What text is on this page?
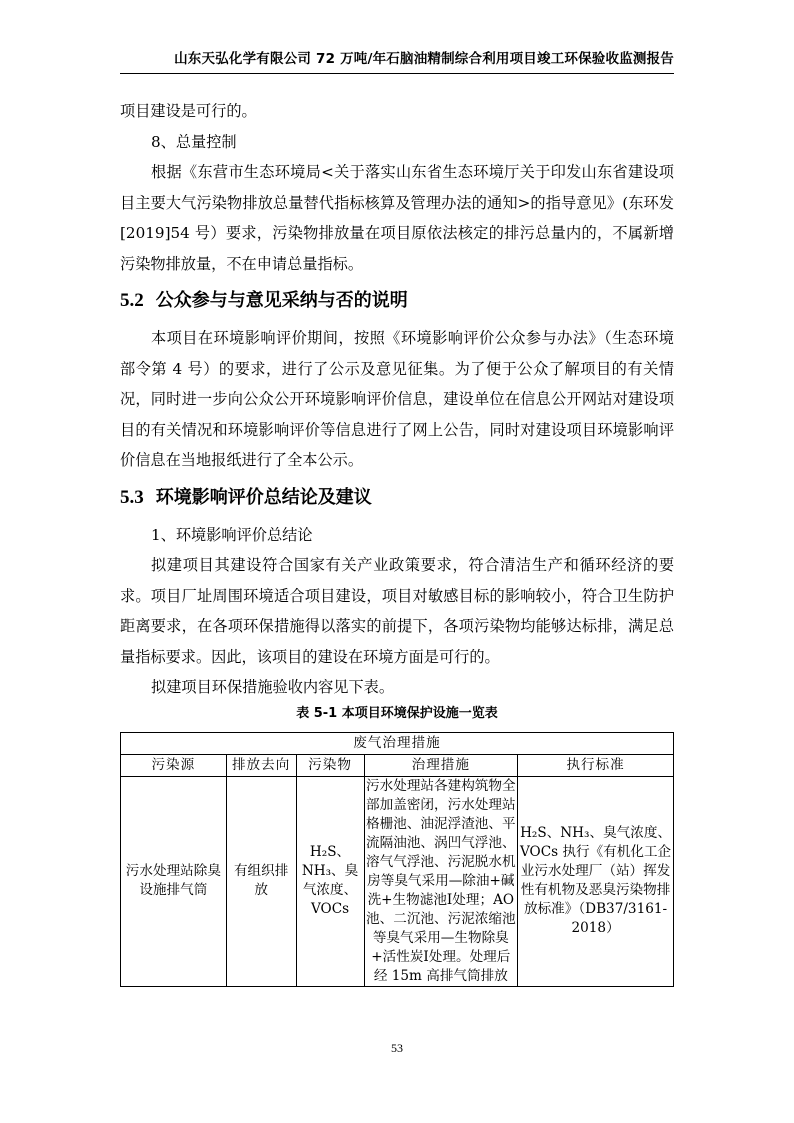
山东天弘化学有限公司 72 万吨/年石脑油精制综合利用项目竣工环保验收监测报告

项目建设是可行的。

8、总量控制

根据《东营市生态环境局<关于落实山东省生态环境厅关于印发山东省建设项目主要大气污染物排放总量替代指标核算及管理办法的通知>的指导意见》(东环发[2019]54 号）要求，污染物排放量在项目原依法核定的排污总量内的，不属新增污染物排放量，不在申请总量指标。

5.2 公众参与与意见采纳与否的说明

本项目在环境影响评价期间，按照《环境影响评价公众参与办法》（生态环境部令第 4 号）的要求，进行了公示及意见征集。为了便于公众了解项目的有关情况，同时进一步向公众公开环境影响评价信息，建设单位在信息公开网站对建设项目的有关情况和环境影响评价等信息进行了网上公告，同时对建设项目环境影响评价信息在当地报纸进行了全本公示。

5.3 环境影响评价总结论及建议

1、环境影响评价总结论

拟建项目其建设符合国家有关产业政策要求，符合清洁生产和循环经济的要求。项目厂址周围环境适合项目建设，项目对敏感目标的影响较小，符合卫生防护距离要求，在各项环保措施得以落实的前提下，各项污染物均能够达标排，满足总量指标要求。因此，该项目的建设在环境方面是可行的。

拟建项目环保措施验收内容见下表。

表 5-1 本项目环境保护设施一览表
废气治理措施				
污染源	排放去向	污染物	治理措施	执行标准
污水处理站除臭设施排气筒	有组织排放	H₂S、NH₃、臭气浓度、VOCs	污水处理站各建构筑物全部加盖密闭，污水处理站格栅池、油泥浮渣池、平流隔油池、涡凹气浮池、溶气气浮池、污泥脱水机房等臭气采用—除油+碱洗+生物滤池Ⅰ处理；AO 池、二沉池、污泥浓缩池等臭气采用—生物除臭+活性炭Ⅰ处理。处理后经 15m 高排气筒排放	H₂S、NH₃、臭气浓度、VOCs 执行《有机化工企业污水处理厂（站）挥发性有机物及恶臭污染物排放标准》（DB37/3161-2018）
53
